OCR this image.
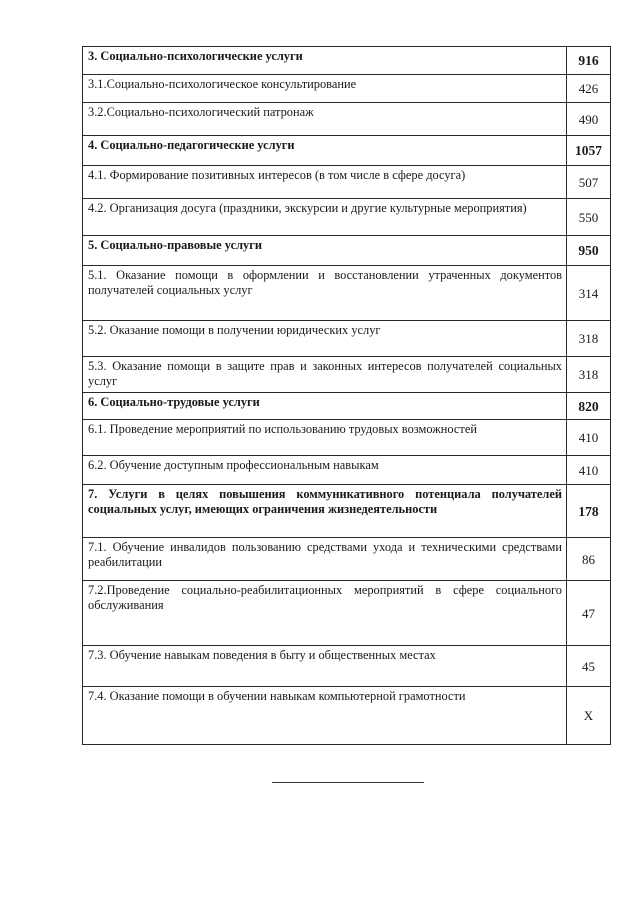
3. Социально-психологические услуги	916
3.1.Социально-психологическое консультирование	426
3.2.Социально-психологический патронаж	490
4. Социально-педагогические услуги	1057
4.1. Формирование позитивных интересов (в том числе в сфере досуга)	507
4.2. Организация досуга (праздники, экскурсии и другие культурные мероприятия)	550
5. Социально-правовые услуги	950
5.1. Оказание помощи в оформлении и восстановлении утраченных документов получателей социальных услуг	314
5.2. Оказание помощи в получении юридических услуг	318
5.3. Оказание помощи в защите прав и законных интересов получателей социальных услуг	318
6. Социально-трудовые услуги	820
6.1. Проведение мероприятий по использованию трудовых возможностей	410
6.2. Обучение доступным профессиональным навыкам	410
7. Услуги в целях повышения коммуникативного потенциала получателей социальных услуг, имеющих ограничения жизнедеятельности	178
7.1. Обучение инвалидов пользованию средствами ухода и техническими средствами реабилитации	86
7.2.Проведение социально-реабилитационных мероприятий в сфере социального обслуживания	47
7.3. Обучение навыкам поведения в быту и общественных местах	45
7.4. Оказание помощи в обучении навыкам компьютерной грамотности	Х
